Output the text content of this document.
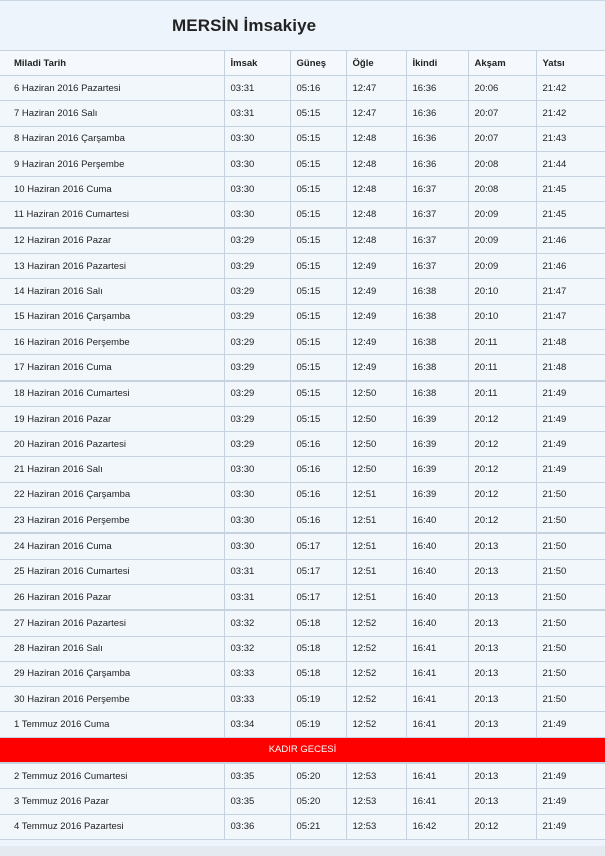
MERSİN İmsakiye
Miladi Tarih	İmsak	Güneş	Öğle	İkindi	Akşam	Yatsı
6 Haziran 2016 Pazartesi	03:31	05:16	12:47	16:36	20:06	21:42
7 Haziran 2016 Salı	03:31	05:15	12:47	16:36	20:07	21:42
8 Haziran 2016 Çarşamba	03:30	05:15	12:48	16:36	20:07	21:43
9 Haziran 2016 Perşembe	03:30	05:15	12:48	16:36	20:08	21:44
10 Haziran 2016 Cuma	03:30	05:15	12:48	16:37	20:08	21:45
11 Haziran 2016 Cumartesi	03:30	05:15	12:48	16:37	20:09	21:45
12 Haziran 2016 Pazar	03:29	05:15	12:48	16:37	20:09	21:46
13 Haziran 2016 Pazartesi	03:29	05:15	12:49	16:37	20:09	21:46
14 Haziran 2016 Salı	03:29	05:15	12:49	16:38	20:10	21:47
15 Haziran 2016 Çarşamba	03:29	05:15	12:49	16:38	20:10	21:47
16 Haziran 2016 Perşembe	03:29	05:15	12:49	16:38	20:11	21:48
17 Haziran 2016 Cuma	03:29	05:15	12:49	16:38	20:11	21:48
18 Haziran 2016 Cumartesi	03:29	05:15	12:50	16:38	20:11	21:49
19 Haziran 2016 Pazar	03:29	05:15	12:50	16:39	20:12	21:49
20 Haziran 2016 Pazartesi	03:29	05:16	12:50	16:39	20:12	21:49
21 Haziran 2016 Salı	03:30	05:16	12:50	16:39	20:12	21:49
22 Haziran 2016 Çarşamba	03:30	05:16	12:51	16:39	20:12	21:50
23 Haziran 2016 Perşembe	03:30	05:16	12:51	16:40	20:12	21:50
24 Haziran 2016 Cuma	03:30	05:17	12:51	16:40	20:13	21:50
25 Haziran 2016 Cumartesi	03:31	05:17	12:51	16:40	20:13	21:50
26 Haziran 2016 Pazar	03:31	05:17	12:51	16:40	20:13	21:50
27 Haziran 2016 Pazartesi	03:32	05:18	12:52	16:40	20:13	21:50
28 Haziran 2016 Salı	03:32	05:18	12:52	16:41	20:13	21:50
29 Haziran 2016 Çarşamba	03:33	05:18	12:52	16:41	20:13	21:50
30 Haziran 2016 Perşembe	03:33	05:19	12:52	16:41	20:13	21:50
1 Temmuz 2016 Cuma	03:34	05:19	12:52	16:41	20:13	21:49
KADIR GECESİ						
2 Temmuz 2016 Cumartesi	03:35	05:20	12:53	16:41	20:13	21:49
3 Temmuz 2016 Pazar	03:35	05:20	12:53	16:41	20:13	21:49
4 Temmuz 2016 Pazartesi	03:36	05:21	12:53	16:42	20:12	21:49
